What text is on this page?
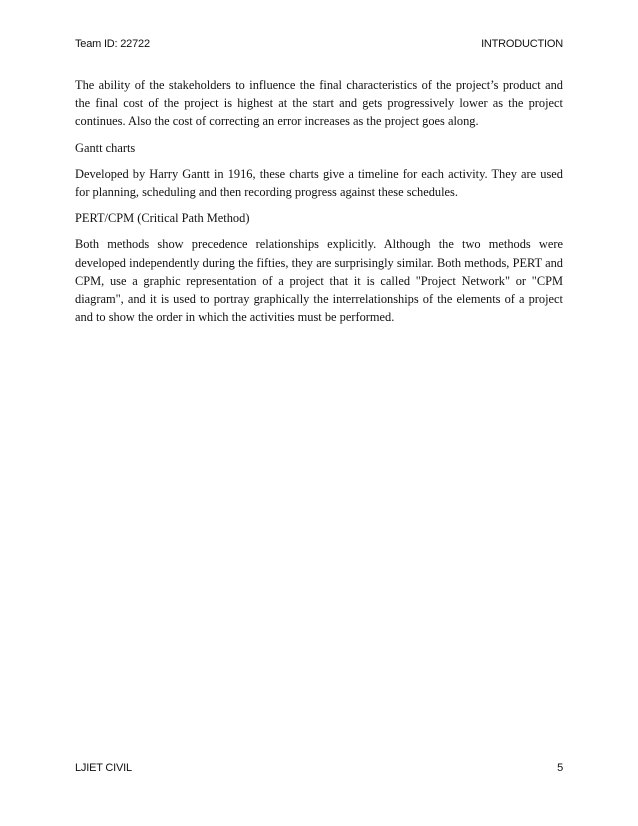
Team ID: 22722	INTRODUCTION

The ability of the stakeholders to influence the final characteristics of the project’s product and the final cost of the project is highest at the start and gets progressively lower as the project continues. Also the cost of correcting an error increases as the project goes along.

Gantt charts

Developed by Harry Gantt in 1916, these charts give a timeline for each activity. They are used for planning, scheduling and then recording progress against these schedules.

PERT/CPM (Critical Path Method)

Both methods show precedence relationships explicitly. Although the two methods were developed independently during the fifties, they are surprisingly similar. Both methods, PERT and CPM, use a graphic representation of a project that it is called "Project Network" or "CPM diagram", and it is used to portray graphically the interrelationships of the elements of a project and to show the order in which the activities must be performed.

LJIET CIVIL	5
